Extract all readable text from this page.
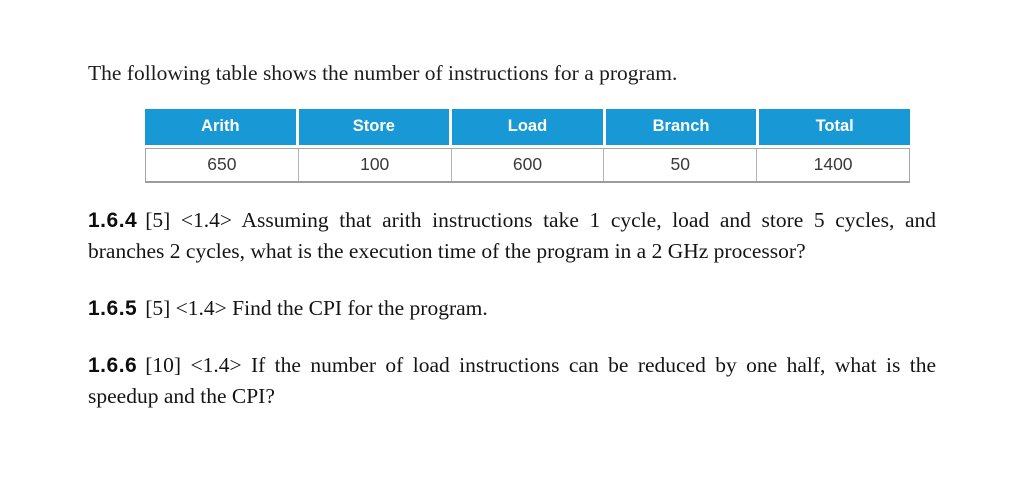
The following table shows the number of instructions for a program.

Arith	Store	Load	Branch	Total
650	100	600	50	1400

1.6.4 [5] <1.4> Assuming that arith instructions take 1 cycle, load and store 5 cycles, and branches 2 cycles, what is the execution time of the program in a 2 GHz processor?

1.6.5 [5] <1.4> Find the CPI for the program.

1.6.6 [10] <1.4> If the number of load instructions can be reduced by one half, what is the speedup and the CPI?
